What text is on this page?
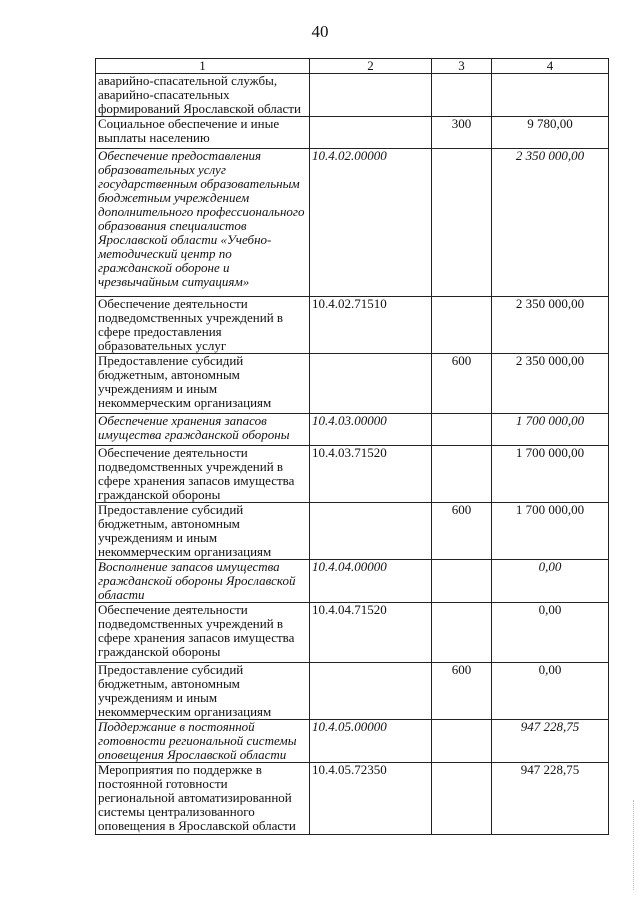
40
1	2	3	4
аварийно-спасательной службы, аварийно-спасательных формирований Ярославской области			
Социальное обеспечение и иные выплаты населению		300	9 780,00
Обеспечение предоставления образовательных услуг государственным образовательным бюджетным учреждением дополнительного профессионального образования специалистов Ярославской области «Учебно-методический центр по гражданской обороне и чрезвычайным ситуациям»	10.4.02.00000		2 350 000,00
Обеспечение деятельности подведомственных учреждений в сфере предоставления образовательных услуг	10.4.02.71510		2 350 000,00
Предоставление субсидий бюджетным, автономным учреждениям и иным некоммерческим организациям		600	2 350 000,00
Обеспечение хранения запасов имущества гражданской обороны	10.4.03.00000		1 700 000,00
Обеспечение деятельности подведомственных учреждений в сфере хранения запасов имущества гражданской обороны	10.4.03.71520		1 700 000,00
Предоставление субсидий бюджетным, автономным учреждениям и иным некоммерческим организациям		600	1 700 000,00
Восполнение запасов имущества гражданской обороны Ярославской области	10.4.04.00000		0,00
Обеспечение деятельности подведомственных учреждений в сфере хранения запасов имущества гражданской обороны	10.4.04.71520		0,00
Предоставление субсидий бюджетным, автономным учреждениям и иным некоммерческим организациям		600	0,00
Поддержание в постоянной готовности региональной системы оповещения Ярославской области	10.4.05.00000		947 228,75
Мероприятия по поддержке в постоянной готовности региональной автоматизированной системы централизованного оповещения в Ярославской области	10.4.05.72350		947 228,75
